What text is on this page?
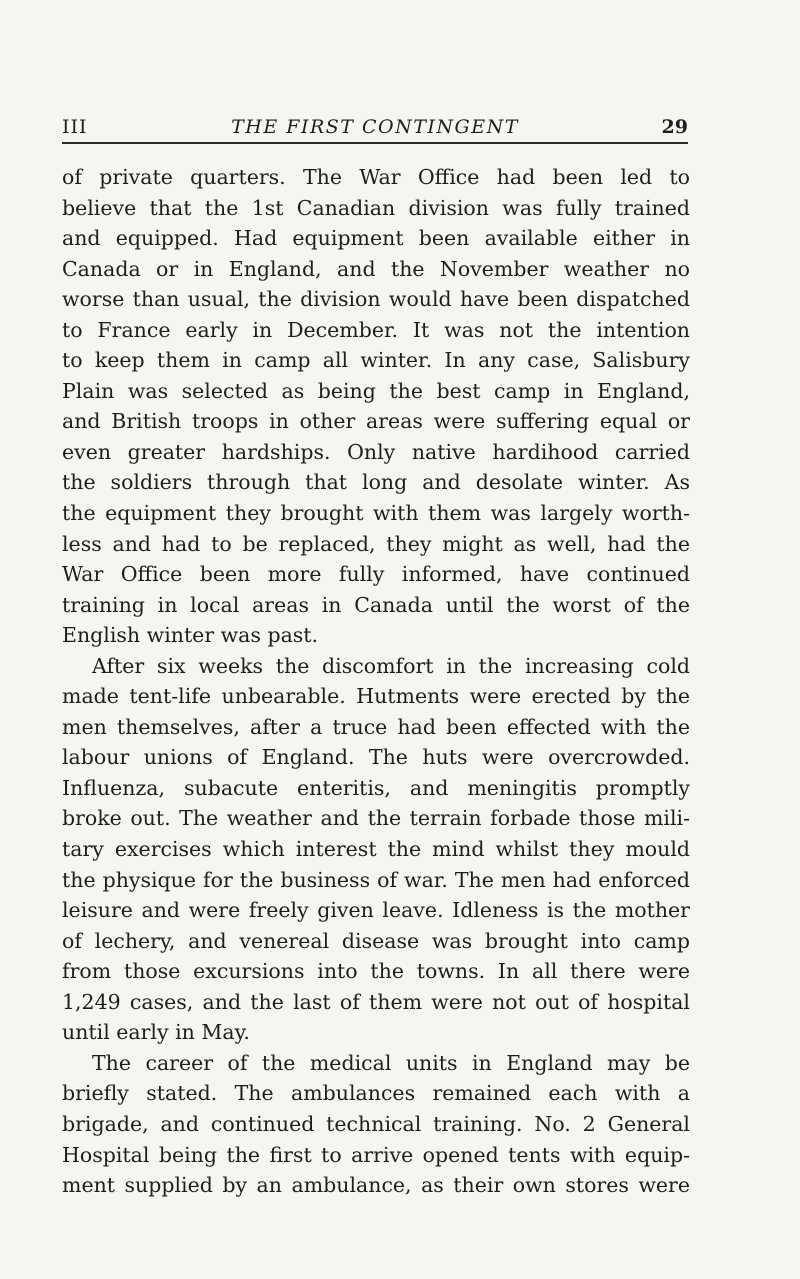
III	THE FIRST CONTINGENT	29
of private quarters. The War Office had been led to
believe that the 1st Canadian division was fully trained
and equipped. Had equipment been available either in
Canada or in England, and the November weather no
worse than usual, the division would have been dispatched
to France early in December. It was not the intention
to keep them in camp all winter. In any case, Salisbury
Plain was selected as being the best camp in England,
and British troops in other areas were suffering equal or
even greater hardships. Only native hardihood carried
the soldiers through that long and desolate winter. As
the equipment they brought with them was largely worth-
less and had to be replaced, they might as well, had the
War Office been more fully informed, have continued
training in local areas in Canada until the worst of the
English winter was past.
After six weeks the discomfort in the increasing cold
made tent-life unbearable. Hutments were erected by the
men themselves, after a truce had been effected with the
labour unions of England. The huts were overcrowded.
Influenza, subacute enteritis, and meningitis promptly
broke out. The weather and the terrain forbade those mili-
tary exercises which interest the mind whilst they mould
the physique for the business of war. The men had enforced
leisure and were freely given leave. Idleness is the mother
of lechery, and venereal disease was brought into camp
from those excursions into the towns. In all there were
1,249 cases, and the last of them were not out of hospital
until early in May.
The career of the medical units in England may be
briefly stated. The ambulances remained each with a
brigade, and continued technical training. No. 2 General
Hospital being the first to arrive opened tents with equip-
ment supplied by an ambulance, as their own stores were
